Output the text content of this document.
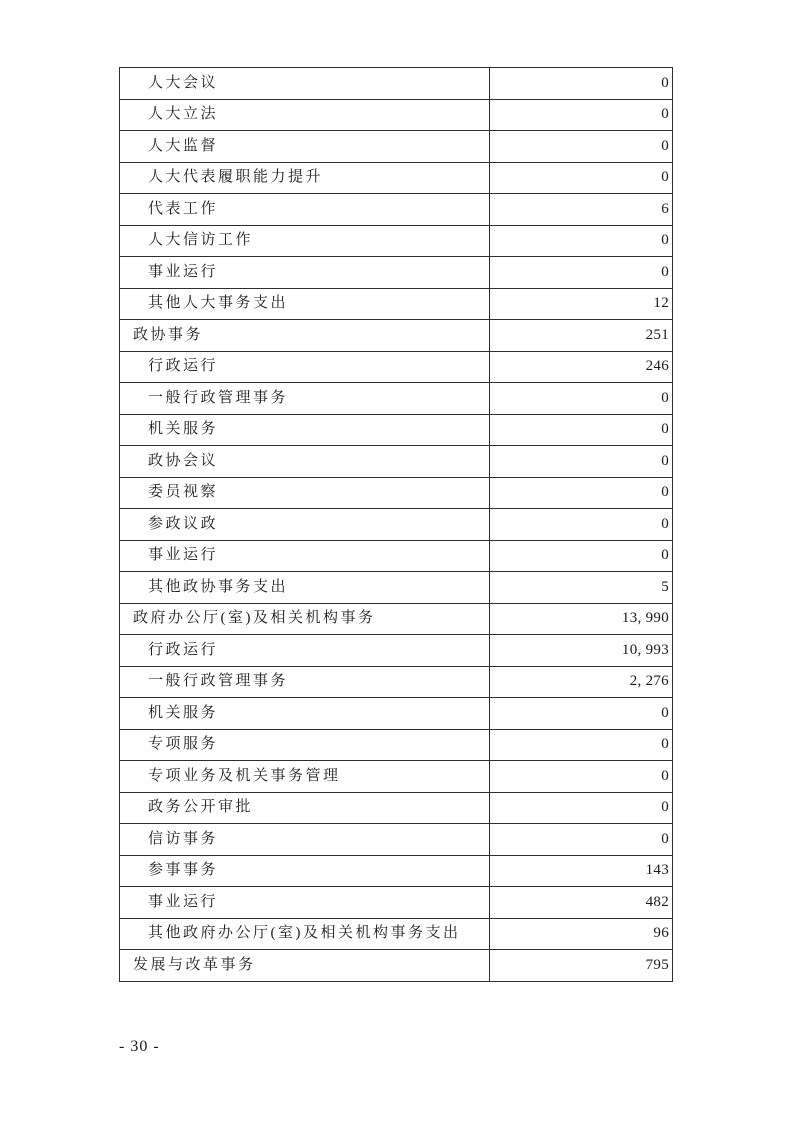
人大会议	0
人大立法	0
人大监督	0
人大代表履职能力提升	0
代表工作	6
人大信访工作	0
事业运行	0
其他人大事务支出	12
政协事务	251
行政运行	246
一般行政管理事务	0
机关服务	0
政协会议	0
委员视察	0
参政议政	0
事业运行	0
其他政协事务支出	5
政府办公厅(室)及相关机构事务	13, 990
行政运行	10, 993
一般行政管理事务	2, 276
机关服务	0
专项服务	0
专项业务及机关事务管理	0
政务公开审批	0
信访事务	0
参事事务	143
事业运行	482
其他政府办公厅(室)及相关机构事务支出	96
发展与改革事务	795
- 30 -
